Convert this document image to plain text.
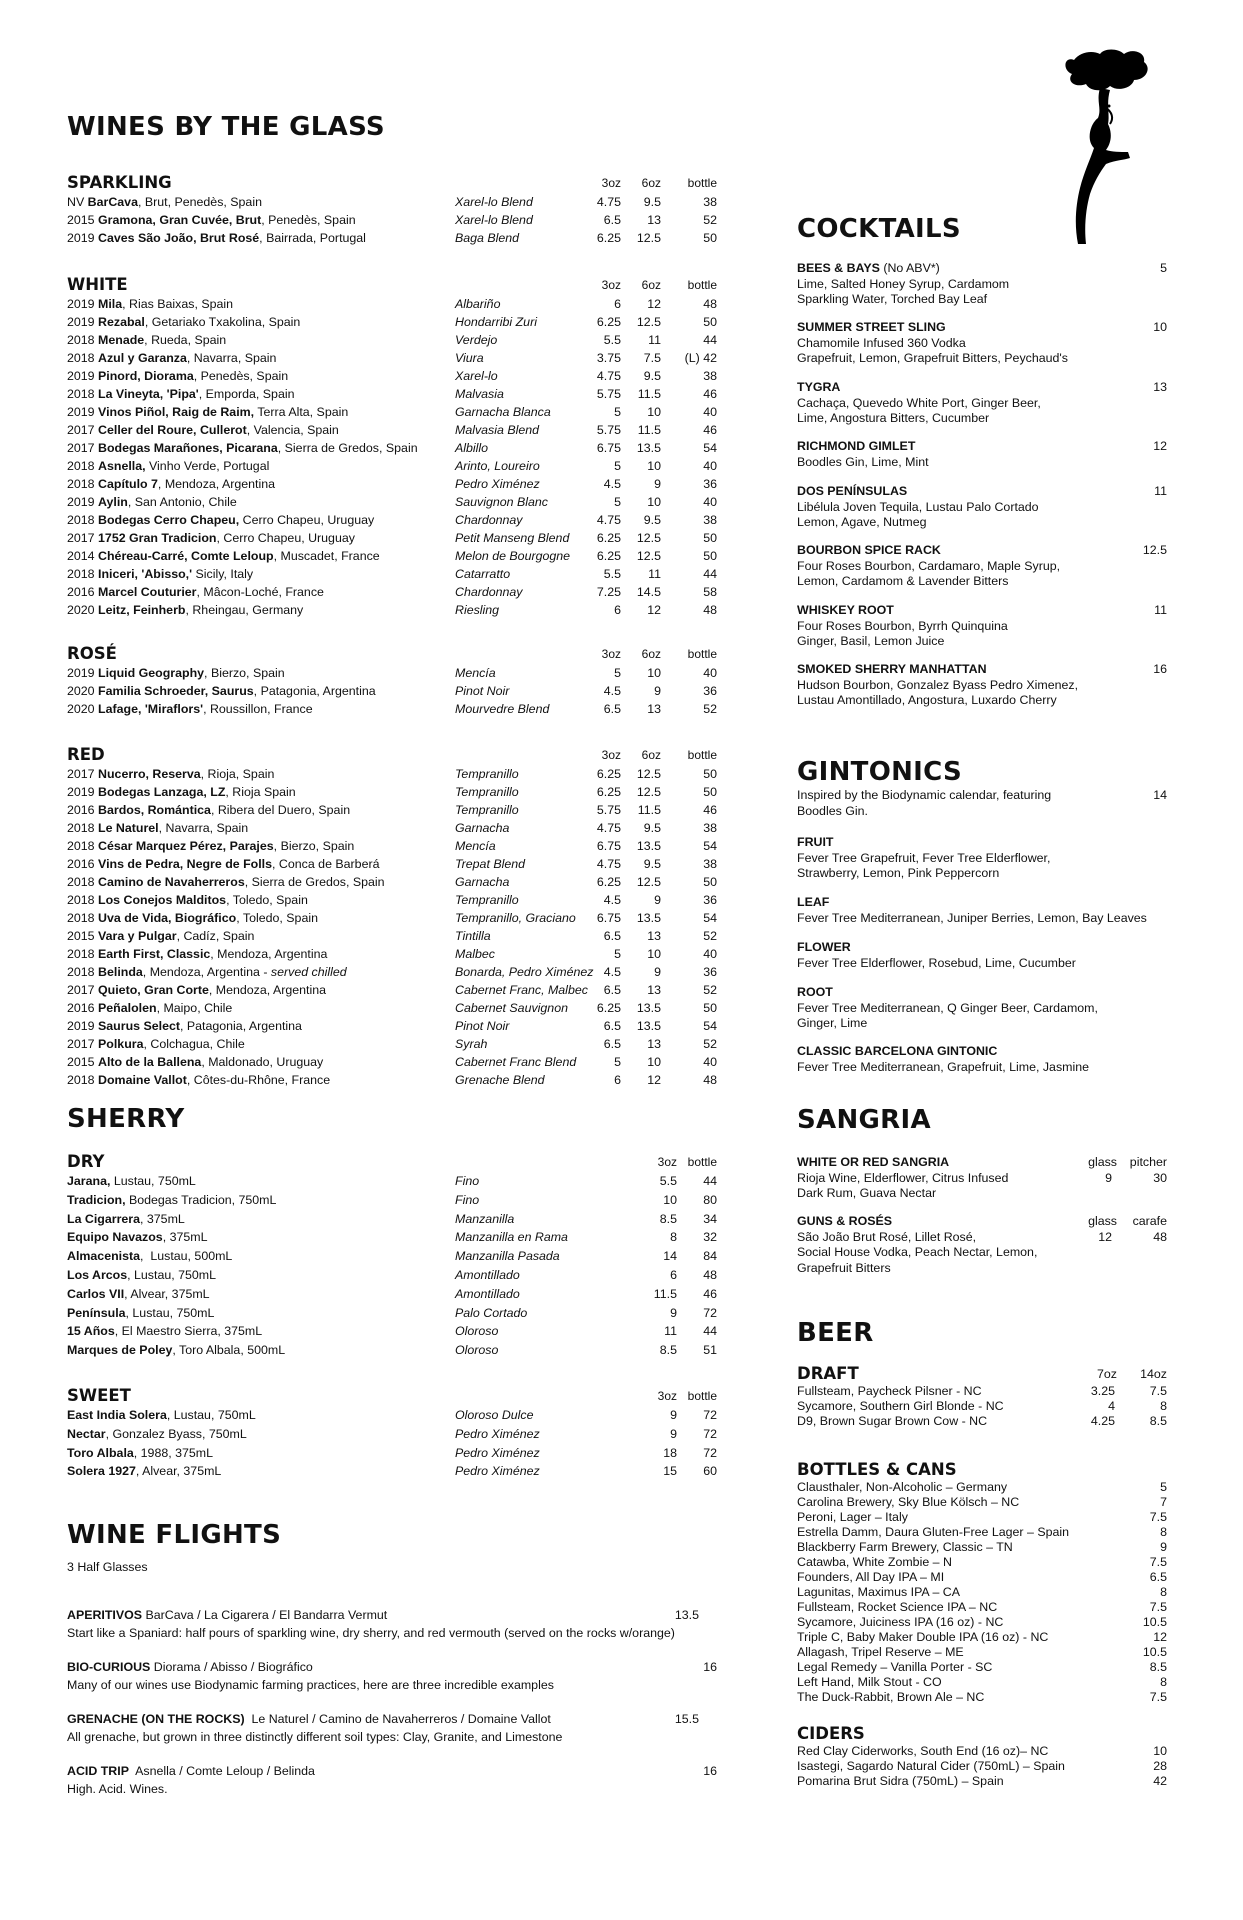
WINES BY THE GLASS
SPARKLING	3oz	6oz	bottle
NV BarCava, Brut, Penedès, Spain	Xarel-lo Blend	4.75	9.5	38
2015 Gramona, Gran Cuvée, Brut, Penedès, Spain	Xarel-lo Blend	6.5	13	52
2019 Caves São João, Brut Rosé, Bairrada, Portugal	Baga Blend	6.25	12.5	50
WHITE	3oz	6oz	bottle
2019 Mila, Rias Baixas, Spain	Albariño	6	12	48
2019 Rezabal, Getariako Txakolina, Spain	Hondarribi Zuri	6.25	12.5	50
2018 Menade, Rueda, Spain	Verdejo	5.5	11	44
2018 Azul y Garanza, Navarra, Spain	Viura	3.75	7.5	(L) 42
2019 Pinord, Diorama, Penedès, Spain	Xarel-lo	4.75	9.5	38
2018 La Vineyta, 'Pipa', Emporda, Spain	Malvasia	5.75	11.5	46
2019 Vinos Piñol, Raig de Raim, Terra Alta, Spain	Garnacha Blanca	5	10	40
2017 Celler del Roure, Cullerot, Valencia, Spain	Malvasia Blend	5.75	11.5	46
2017 Bodegas Marañones, Picarana, Sierra de Gredos, Spain	Albillo	6.75	13.5	54
2018 Asnella, Vinho Verde, Portugal	Arinto, Loureiro	5	10	40
2018 Capítulo 7, Mendoza, Argentina	Pedro Ximénez	4.5	9	36
2019 Aylin, San Antonio, Chile	Sauvignon Blanc	5	10	40
2018 Bodegas Cerro Chapeu, Cerro Chapeu, Uruguay	Chardonnay	4.75	9.5	38
2017 1752 Gran Tradicion, Cerro Chapeu, Uruguay	Petit Manseng Blend	6.25	12.5	50
2014 Chéreau-Carré, Comte Leloup, Muscadet, France	Melon de Bourgogne	6.25	12.5	50
2018 Iniceri, 'Abisso,' Sicily, Italy	Catarratto	5.5	11	44
2016 Marcel Couturier, Mâcon-Loché, France	Chardonnay	7.25	14.5	58
2020 Leitz, Feinherb, Rheingau, Germany	Riesling	6	12	48
ROSÉ	3oz	6oz	bottle
2019 Liquid Geography, Bierzo, Spain	Mencía	5	10	40
2020 Familia Schroeder, Saurus, Patagonia, Argentina	Pinot Noir	4.5	9	36
2020 Lafage, 'Miraflors', Roussillon, France	Mourvedre Blend	6.5	13	52
RED	3oz	6oz	bottle
2017 Nucerro, Reserva, Rioja, Spain	Tempranillo	6.25	12.5	50
2019 Bodegas Lanzaga, LZ, Rioja Spain	Tempranillo	6.25	12.5	50
2016 Bardos, Romántica, Ribera del Duero, Spain	Tempranillo	5.75	11.5	46
2018 Le Naturel, Navarra, Spain	Garnacha	4.75	9.5	38
2018 César Marquez Pérez, Parajes, Bierzo, Spain	Mencía	6.75	13.5	54
2016 Vins de Pedra, Negre de Folls, Conca de Barberá	Trepat Blend	4.75	9.5	38
2018 Camino de Navaherreros, Sierra de Gredos, Spain	Garnacha	6.25	12.5	50
2018 Los Conejos Malditos, Toledo, Spain	Tempranillo	4.5	9	36
2018 Uva de Vida, Biográfico, Toledo, Spain	Tempranillo, Graciano	6.75	13.5	54
2015 Vara y Pulgar, Cadíz, Spain	Tintilla	6.5	13	52
2018 Earth First, Classic, Mendoza, Argentina	Malbec	5	10	40
2018 Belinda, Mendoza, Argentina - served chilled	Bonarda, Pedro Ximénez 4.5	9	36
2017 Quieto, Gran Corte, Mendoza, Argentina	Cabernet Franc, Malbec	6.5	13	52
2016 Peñalolen, Maipo, Chile	Cabernet Sauvignon	6.25	13.5	50
2019 Saurus Select, Patagonia, Argentina	Pinot Noir	6.5	13.5	54
2017 Polkura, Colchagua, Chile	Syrah	6.5	13	52
2015 Alto de la Ballena, Maldonado, Uruguay	Cabernet Franc Blend	5	10	40
2018 Domaine Vallot, Côtes-du-Rhône, France	Grenache Blend	6	12	48
SHERRY
DRY	3oz bottle
Jarana, Lustau, 750mL	Fino	5.5	44
Tradicion, Bodegas Tradicion, 750mL	Fino	10	80
La Cigarrera, 375mL	Manzanilla	8.5	34
Equipo Navazos, 375mL	Manzanilla en Rama	8	32
Almacenista,  Lustau, 500mL	Manzanilla Pasada	14	84
Los Arcos, Lustau, 750mL	Amontillado	6	48
Carlos VII, Alvear, 375mL	Amontillado	11.5	46
Península, Lustau, 750mL	Palo Cortado	9	72
15 Años, El Maestro Sierra, 375mL	Oloroso	11	44
Marques de Poley, Toro Albala, 500mL	Oloroso	8.5	51
SWEET	3oz bottle
East India Solera, Lustau, 750mL	Oloroso Dulce	9	72
Nectar, Gonzalez Byass, 750mL	Pedro Ximénez	9	72
Toro Albala, 1988, 375mL	Pedro Ximénez	18	72
Solera 1927, Alvear, 375mL	Pedro Ximénez	15	60
WINE FLIGHTS
3 Half Glasses
APERITIVOS BarCava / La Cigarera / El Bandarra Vermut	13.5
Start like a Spaniard: half pours of sparkling wine, dry sherry, and red vermouth (served on the rocks w/orange)
BIO-CURIOUS Diorama / Abisso / Biográfico	16
Many of our wines use Biodynamic farming practices, here are three incredible examples
GRENACHE (ON THE ROCKS)  Le Naturel / Camino de Navaherreros / Domaine Vallot	15.5
All grenache, but grown in three distinctly different soil types: Clay, Granite, and Limestone
ACID TRIP  Asnella / Comte Leloup / Belinda	16
High. Acid. Wines.
COCKTAILS
BEES & BAYS (No ABV*)
Lime, Salted Honey Syrup, Cardamom
Sparkling Water, Torched Bay Leaf
5
SUMMER STREET SLING
Chamomile Infused 360 Vodka
Grapefruit, Lemon, Grapefruit Bitters, Peychaud's
10
TYGRA
Cachaça, Quevedo White Port, Ginger Beer,
Lime, Angostura Bitters, Cucumber
13
RICHMOND GIMLET
Boodles Gin, Lime, Mint
12
DOS PENÍNSULAS
Libélula Joven Tequila, Lustau Palo Cortado
Lemon, Agave, Nutmeg
11
BOURBON SPICE RACK
Four Roses Bourbon, Cardamaro, Maple Syrup,
Lemon, Cardamom & Lavender Bitters
12.5
WHISKEY ROOT
Four Roses Bourbon, Byrrh Quinquina
Ginger, Basil, Lemon Juice
11
SMOKED SHERRY MANHATTAN
Hudson Bourbon, Gonzalez Byass Pedro Ximenez,
Lustau Amontillado, Angostura, Luxardo Cherry
16
GINTONICS
Inspired by the Biodynamic calendar, featuring
Boodles Gin.
14
FRUIT
Fever Tree Grapefruit, Fever Tree Elderflower,
Strawberry, Lemon, Pink Peppercorn
LEAF
Fever Tree Mediterranean, Juniper Berries, Lemon, Bay Leaves
FLOWER
Fever Tree Elderflower, Rosebud, Lime, Cucumber
ROOT
Fever Tree Mediterranean, Q Ginger Beer, Cardamom,
Ginger, Lime
CLASSIC BARCELONA GINTONIC
Fever Tree Mediterranean, Grapefruit, Lime, Jasmine
SANGRIA
WHITE OR RED SANGRIA	glass pitcher
Rioja Wine, Elderflower, Citrus Infused	9	30
Dark Rum, Guava Nectar
GUNS & ROSÉS	glass carafe
São João Brut Rosé, Lillet Rosé,	12	48
Social House Vodka, Peach Nectar, Lemon,
Grapefruit Bitters
BEER
DRAFT	7oz	14oz
Fullsteam, Paycheck Pilsner - NC	3.25	7.5
Sycamore, Southern Girl Blonde - NC	4	8
D9, Brown Sugar Brown Cow - NC	4.25	8.5
BOTTLES & CANS
Clausthaler, Non-Alcoholic – Germany	5
Carolina Brewery, Sky Blue Kölsch – NC	7
Peroni, Lager – Italy	7.5
Estrella Damm, Daura Gluten-Free Lager – Spain	8
Blackberry Farm Brewery, Classic – TN	9
Catawba, White Zombie – N	7.5
Founders, All Day IPA – MI	6.5
Lagunitas, Maximus IPA – CA	8
Fullsteam, Rocket Science IPA – NC	7.5
Sycamore, Juiciness IPA (16 oz) - NC	10.5
Triple C, Baby Maker Double IPA (16 oz) - NC	12
Allagash, Tripel Reserve – ME	10.5
Legal Remedy – Vanilla Porter - SC	8.5
Left Hand, Milk Stout - CO	8
The Duck-Rabbit, Brown Ale – NC	7.5
CIDERS
Red Clay Ciderworks, South End (16 oz)– NC	10
Isastegi, Sagardo Natural Cider (750mL) – Spain	28
Pomarina Brut Sidra (750mL) – Spain	42
